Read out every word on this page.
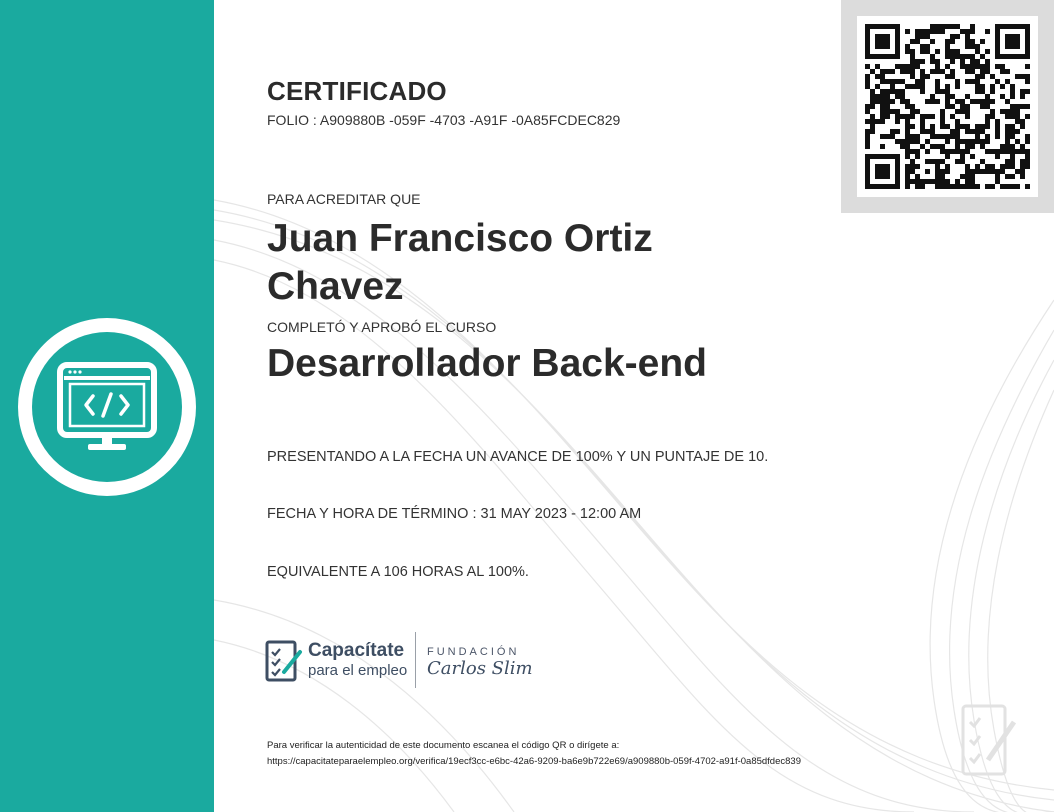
CERTIFICADO
FOLIO : A909880B -059F -4703 -A91F -0A85FCDEC829
PARA ACREDITAR QUE
Juan Francisco Ortiz Chavez
COMPLETÓ Y APROBÓ EL CURSO
Desarrollador Back-end
PRESENTANDO A LA FECHA UN AVANCE DE 100% Y UN PUNTAJE DE 10.
FECHA Y HORA DE TÉRMINO : 31 MAY 2023 - 12:00 AM
EQUIVALENTE A 106 HORAS AL 100%.
Capacítate
para el empleo
FUNDACIÓN
Carlos Slim
Para verificar la autenticidad de este documento escanea el código QR o dirígete a:
https://capacitateparaelempleo.org/verifica/19ecf3cc-e6bc-42a6-9209-ba6e9b722e69/a909880b-059f-4702-a91f-0a85dfdec839
